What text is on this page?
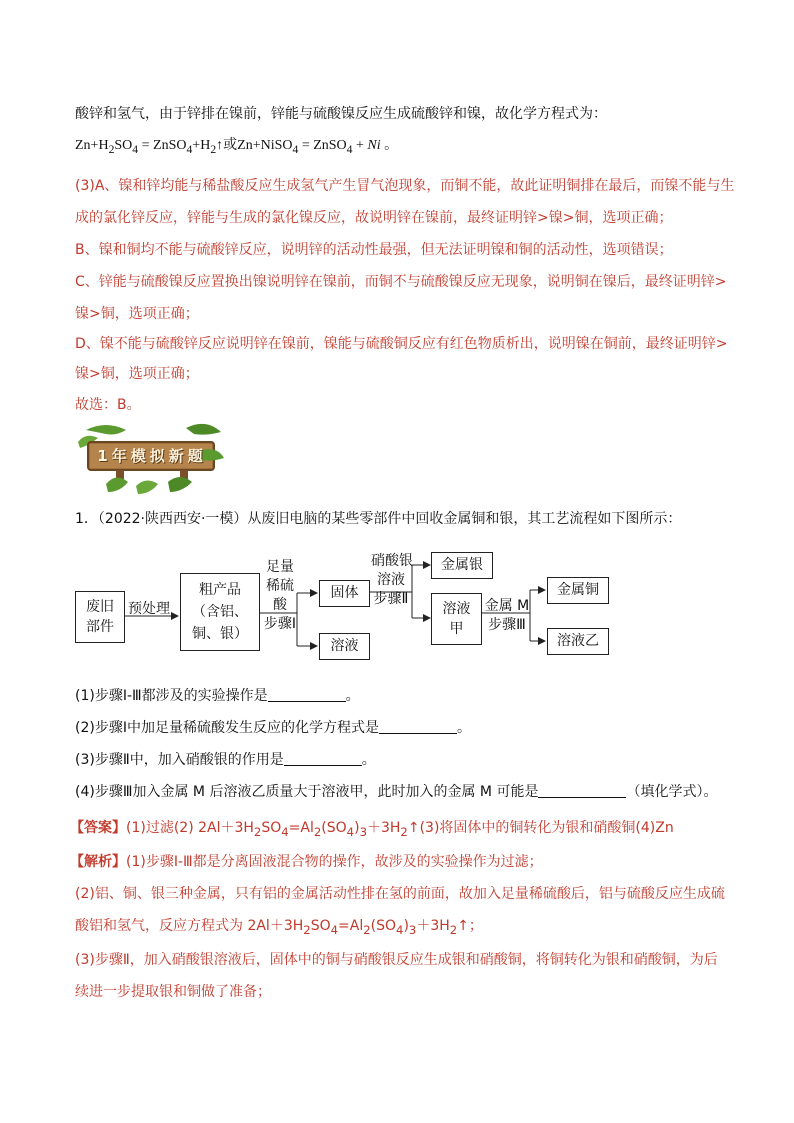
酸锌和氢气，由于锌排在镍前，锌能与硫酸镍反应生成硫酸锌和镍，故化学方程式为：
$Zn+H_2SO_4$ = $ZnSO_4+H_2↑$或Zn+NiSO$_4$ = ZnSO$_4$ + Ni 。
(3)A、镍和锌均能与稀盐酸反应生成氢气产生冒气泡现象，而铜不能，故此证明铜排在最后，而镍不能与生
成的氯化锌反应，锌能与生成的氯化镍反应，故说明锌在镍前，最终证明锌>镍>铜，选项正确；
B、镍和铜均不能与硫酸锌反应，说明锌的活动性最强，但无法证明镍和铜的活动性，选项错误；
C、锌能与硫酸镍反应置换出镍说明锌在镍前，而铜不与硫酸镍反应无现象，说明铜在镍后，最终证明锌>
镍>铜，选项正确；
D、镍不能与硫酸锌反应说明锌在镍前，镍能与硫酸铜反应有红色物质析出，说明镍在铜前，最终证明锌>
镍>铜，选项正确；
故选：B。
1年模拟新题
1．（2022·陕西西安·一模）从废旧电脑的某些零部件中回收金属铜和银，其工艺流程如下图所示：
废旧
部件
预处理
粗产品
（含铝、
铜、银）
足量
稀硫
酸
步骤Ⅰ
固体
溶液
硝酸银
溶液
步骤Ⅱ
金属银
溶液
甲
金属 M
步骤Ⅲ
金属铜
溶液乙
(1)步骤Ⅰ-Ⅲ都涉及的实验操作是	。
(2)步骤Ⅰ中加足量稀硫酸发生反应的化学方程式是	。
(3)步骤Ⅱ中，加入硝酸银的作用是	。
(4)步骤Ⅲ加入金属 M 后溶液乙质量大于溶液甲，此时加入的金属 M 可能是	（填化学式）。
【答案】(1)过滤(2) $2Al+3H_2SO_4=Al_2(SO_4)_3+3H_2↑(3)$将固体中的铜转化为银和硝酸铜(4)Zn
【解析】(1)步骤Ⅰ-Ⅲ都是分离固液混合物的操作，故涉及的实验操作为过滤；
(2)铝、铜、银三种金属，只有铝的金属活动性排在氢的前面，故加入足量稀硫酸后，铝与硫酸反应生成硫
酸铝和氢气，反应方程式为 $2Al+3H_2SO_4=Al_2(SO_4)_3+3H_2↑$；
(3)步骤Ⅱ，加入硝酸银溶液后，固体中的铜与硝酸银反应生成银和硝酸铜，将铜转化为银和硝酸铜，为后
续进一步提取银和铜做了准备；
